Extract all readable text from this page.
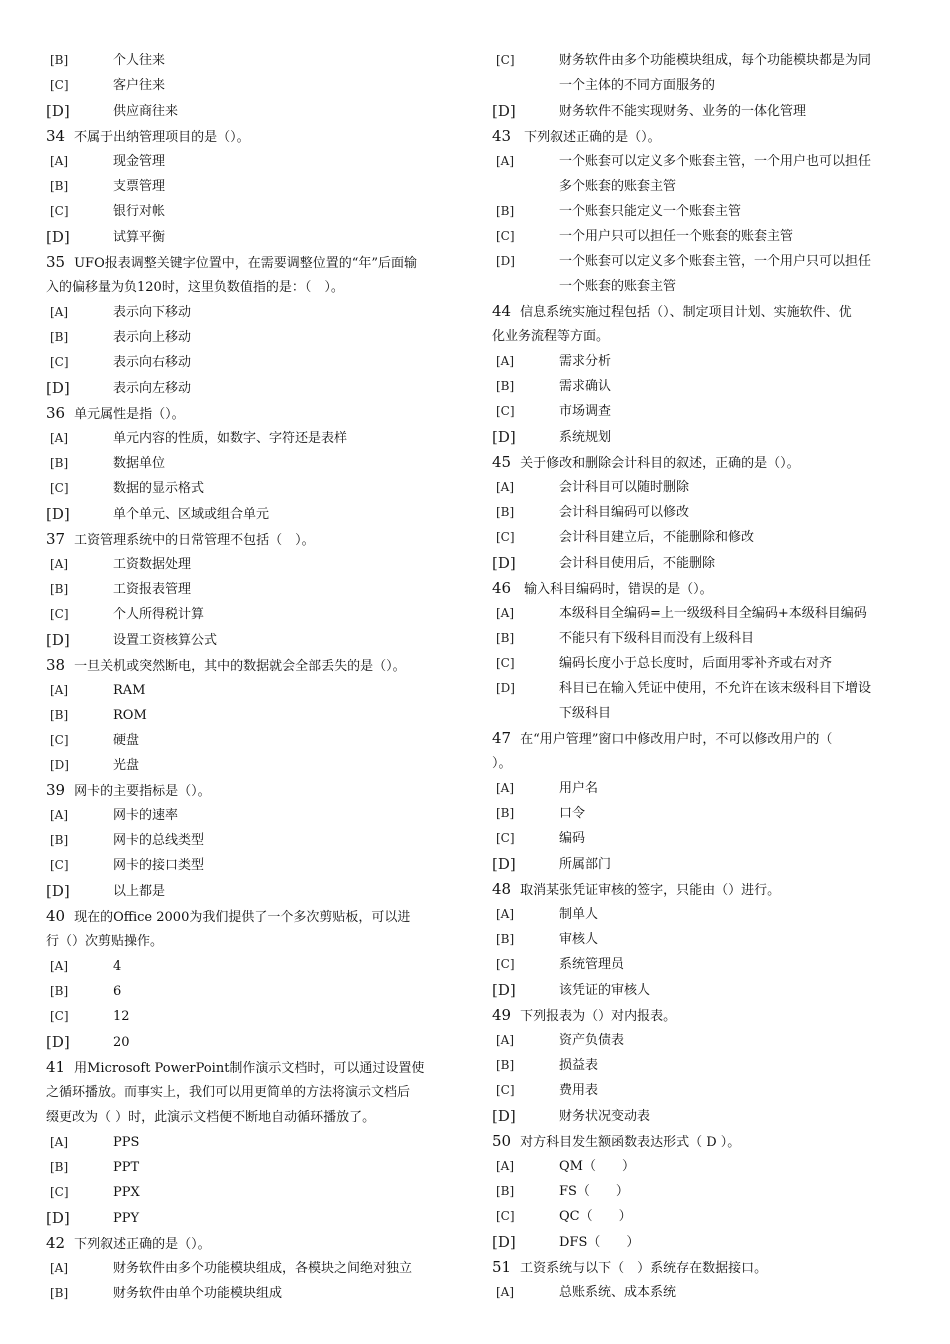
[B]	个人往来
[C]	客户往来
[D]	供应商往来
34 不属于出纳管理项目的是（）。
[A]	现金管理
[B]	支票管理
[C]	银行对帐
[D]	试算平衡
35 UFO报表调整关键字位置中，在需要调整位置的“年”后面输
入的偏移量为负120时，这里负数值指的是：（　）。
[A]	表示向下移动
[B]	表示向上移动
[C]	表示向右移动
[D]	表示向左移动
36 单元属性是指（）。
[A]	单元内容的性质，如数字、字符还是表样
[B]	数据单位
[C]	数据的显示格式
[D]	单个单元、区域或组合单元
37 工资管理系统中的日常管理不包括（　）。
[A]	工资数据处理
[B]	工资报表管理
[C]	个人所得税计算
[D]	设置工资核算公式
38 一旦关机或突然断电，其中的数据就会全部丢失的是（）。
[A]	RAM
[B]	ROM
[C]	硬盘
[D]	光盘
39 网卡的主要指标是（）。
[A]	网卡的速率
[B]	网卡的总线类型
[C]	网卡的接口类型
[D]	以上都是
40 现在的Office 2000为我们提供了一个多次剪贴板，可以进
行（）次剪贴操作。
[A]	4
[B]	6
[C]	12
[D]	20
41 用Microsoft PowerPoint制作演示文档时，可以通过设置使
之循环播放。而事实上，我们可以用更简单的方法将演示文档后
缀更改为（ ）时，此演示文档便不断地自动循环播放了。
[A]	PPS
[B]	PPT
[C]	PPX
[D]	PPY
42 下列叙述正确的是（）。
[A]	财务软件由多个功能模块组成，各模块之间绝对独立
[B]	财务软件由单个功能模块组成
[C]	财务软件由多个功能模块组成，每个功能模块都是为同
一个主体的不同方面服务的
[D]	财务软件不能实现财务、业务的一体化管理
43 下列叙述正确的是（）。
[A]	一个账套可以定义多个账套主管，一个用户也可以担任
多个账套的账套主管
[B]	一个账套只能定义一个账套主管
[C]	一个用户只可以担任一个账套的账套主管
[D]	一个账套可以定义多个账套主管，一个用户只可以担任
一个账套的账套主管
44 信息系统实施过程包括（）、制定项目计划、实施软件、优
化业务流程等方面。
[A]	需求分析
[B]	需求确认
[C]	市场调查
[D]	系统规划
45 关于修改和删除会计科目的叙述，正确的是（）。
[A]	会计科目可以随时删除
[B]	会计科目编码可以修改
[C]	会计科目建立后，不能删除和修改
[D]	会计科目使用后，不能删除
46 输入科目编码时，错误的是（）。
[A]	本级科目全编码=上一级级科目全编码+本级科目编码
[B]	不能只有下级科目而没有上级科目
[C]	编码长度小于总长度时，后面用零补齐或右对齐
[D]	科目已在输入凭证中使用，不允许在该末级科目下增设
下级科目
47 在“用户管理”窗口中修改用户时，不可以修改用户的（
）。
[A]	用户名
[B]	口令
[C]	编码
[D]	所属部门
48 取消某张凭证审核的签字，只能由（）进行。
[A]	制单人
[B]	审核人
[C]	系统管理员
[D]	该凭证的审核人
49 下列报表为（）对内报表。
[A]	资产负债表
[B]	损益表
[C]	费用表
[D]	财务状况变动表
50 对方科目发生额函数表达形式（ D ）。
[A]	QM（　　）
[B]	FS（　　）
[C]	QC（　　）
[D]	DFS（　　）
51 工资系统与以下（　）系统存在数据接口。
[A]	总账系统、成本系统
